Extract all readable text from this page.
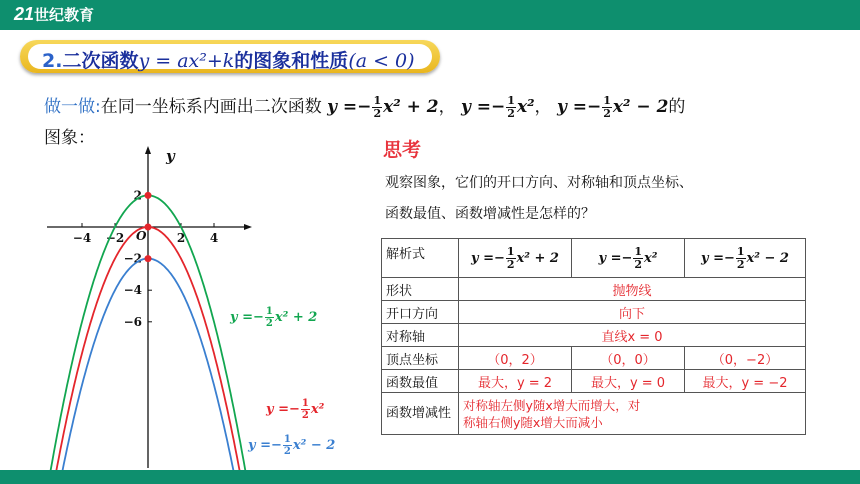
21世纪教育
2.二次函数y = ax²+k的图象和性质(a < 0)
做一做:在同一坐标系内画出二次函数 $y =- \frac{1}{2} x^2 + 2$， $y =- \frac{1}{2} x^2$， $y =- \frac{1}{2} x^2 - 2$的
图象：
y
O
−4 −2	2 4
2
−2
−4
−6	$y =- \frac{1}{2} x^2 + 2$
$y =- \frac{1}{2} x^2$
$y =- \frac{1}{2} x^2 - 2$
思考
观察图象，它们的开口方向、对称轴和顶点坐标、
函数最值、函数增减性是怎样的？
解析式	$y =- \frac{1}{2} x^2 + 2$	$y =- \frac{1}{2} x^2$	$y =- \frac{1}{2} x^2 - 2$
形状	抛物线		
开口方向	向下		
对称轴	直线x = 0		
顶点坐标	（0，2）	（0，0）	（0，−2）
函数最值	最大，y = 2	最大，y = 0	最大，y = −2
函数增减性	对称轴左侧y随x增大而增大，对
称轴右侧y随x增大而减小		
